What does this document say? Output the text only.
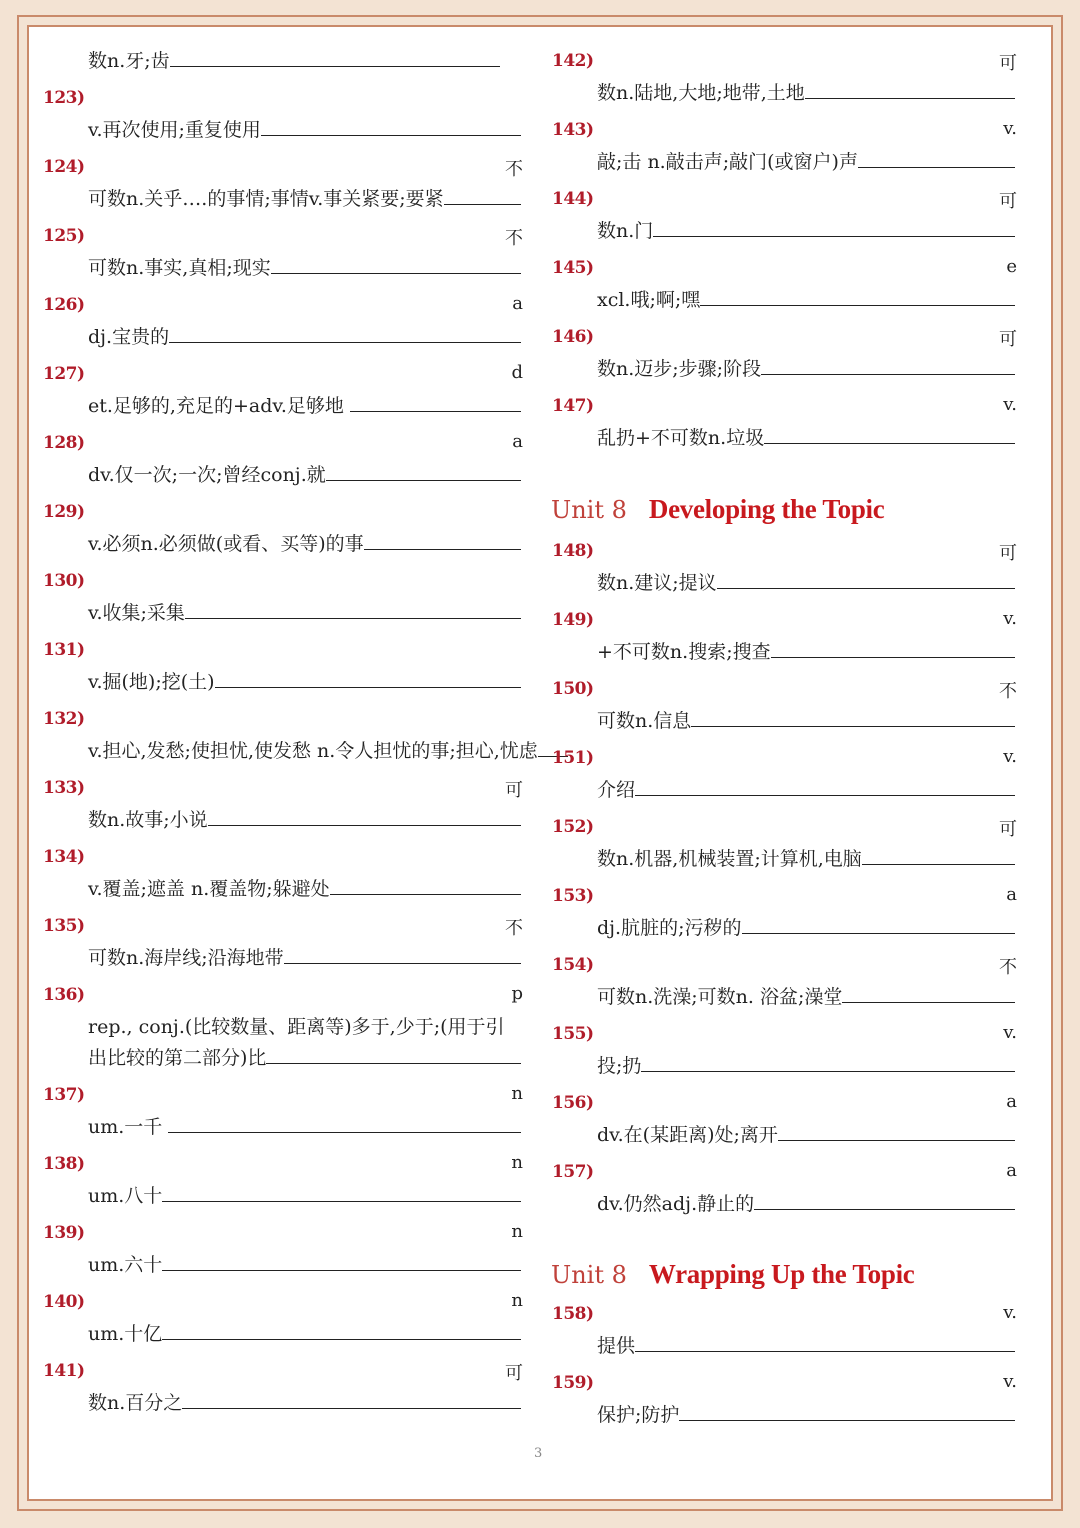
数n.牙;齿
123)
v.再次使用;重复使用
124)	不
可数n.关乎….的事情;事情v.事关紧要;要紧
125)	不
可数n.事实,真相;现实
126)	a
dj.宝贵的
127)	d
et.足够的,充足的+adv.足够地
128)	a
dv.仅一次;一次;曾经conj.就
129)
v.必须n.必须做(或看、买等)的事
130)
v.收集;采集
131)
v.掘(地);挖(土)
132)
v.担心,发愁;使担忧,使发愁 n.令人担忧的事;担心,忧虑
133)	可
数n.故事;小说
134)
v.覆盖;遮盖 n.覆盖物;躲避处
135)	不
可数n.海岸线;沿海地带
136)	p
rep., conj.(比较数量、距离等)多于,少于;(用于引出比较的第二部分)比
137)	n
um.一千
138)	n
um.八十
139)	n
um.六十
140)	n
um.十亿
141)	可
数n.百分之
142)	可
数n.陆地,大地;地带,土地
143)	v.
敲;击 n.敲击声;敲门(或窗户)声
144)	可
数n.门
145)	e
xcl.哦;啊;嘿
146)	可
数n.迈步;步骤;阶段
147)	v.
乱扔+不可数n.垃圾
148)	可
数n.建议;提议
149)	v.
+不可数n.搜索;搜查
150)	不
可数n.信息
151)	v.
介绍
152)	可
数n.机器,机械装置;计算机,电脑
153)	a
dj.肮脏的;污秽的
154)	不
可数n.洗澡;可数n. 浴盆;澡堂
155)	v.
投;扔
156)	a
dv.在(某距离)处;离开
157)	a
dv.仍然adj.静止的
158)	v.
提供
159)	v.
保护;防护
Unit 8 Developing the Topic
Unit 8 Wrapping Up the Topic
3
